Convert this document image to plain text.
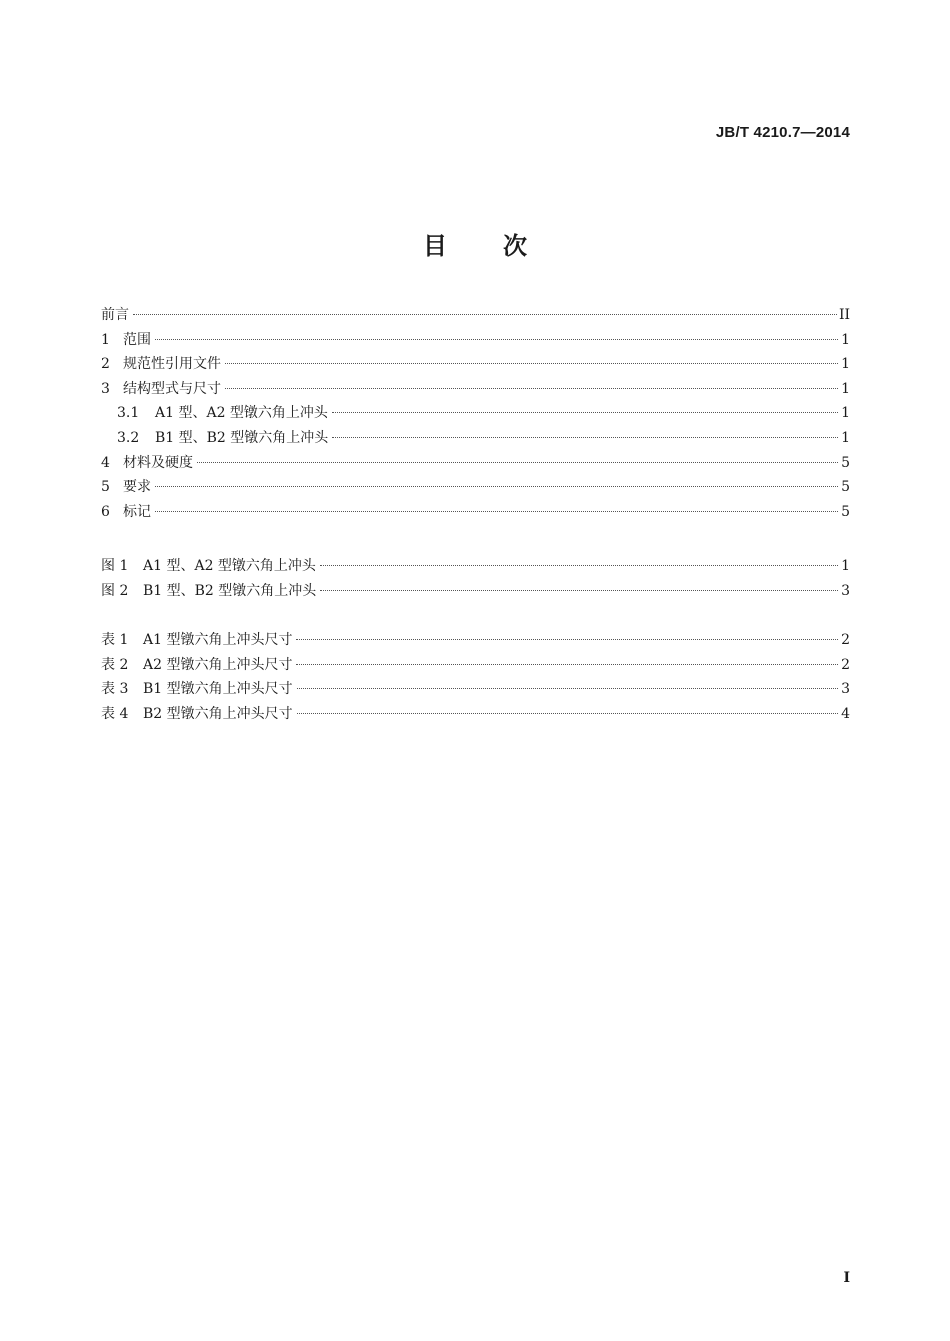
JB/T 4210.7—2014
目 次
前言	II
1 范围	1
2 规范性引用文件	1
3 结构型式与尺寸	1
3.1	A1 型、A2 型镦六角上冲头	1
3.2	B1 型、B2 型镦六角上冲头	1
4 材料及硬度	5
5 要求	5
6 标记	5
图 1	A1 型、A2 型镦六角上冲头	1
图 2	B1 型、B2 型镦六角上冲头	3
表 1	A1 型镦六角上冲头尺寸	2
表 2	A2 型镦六角上冲头尺寸	2
表 3	B1 型镦六角上冲头尺寸	3
表 4	B2 型镦六角上冲头尺寸	4
I
